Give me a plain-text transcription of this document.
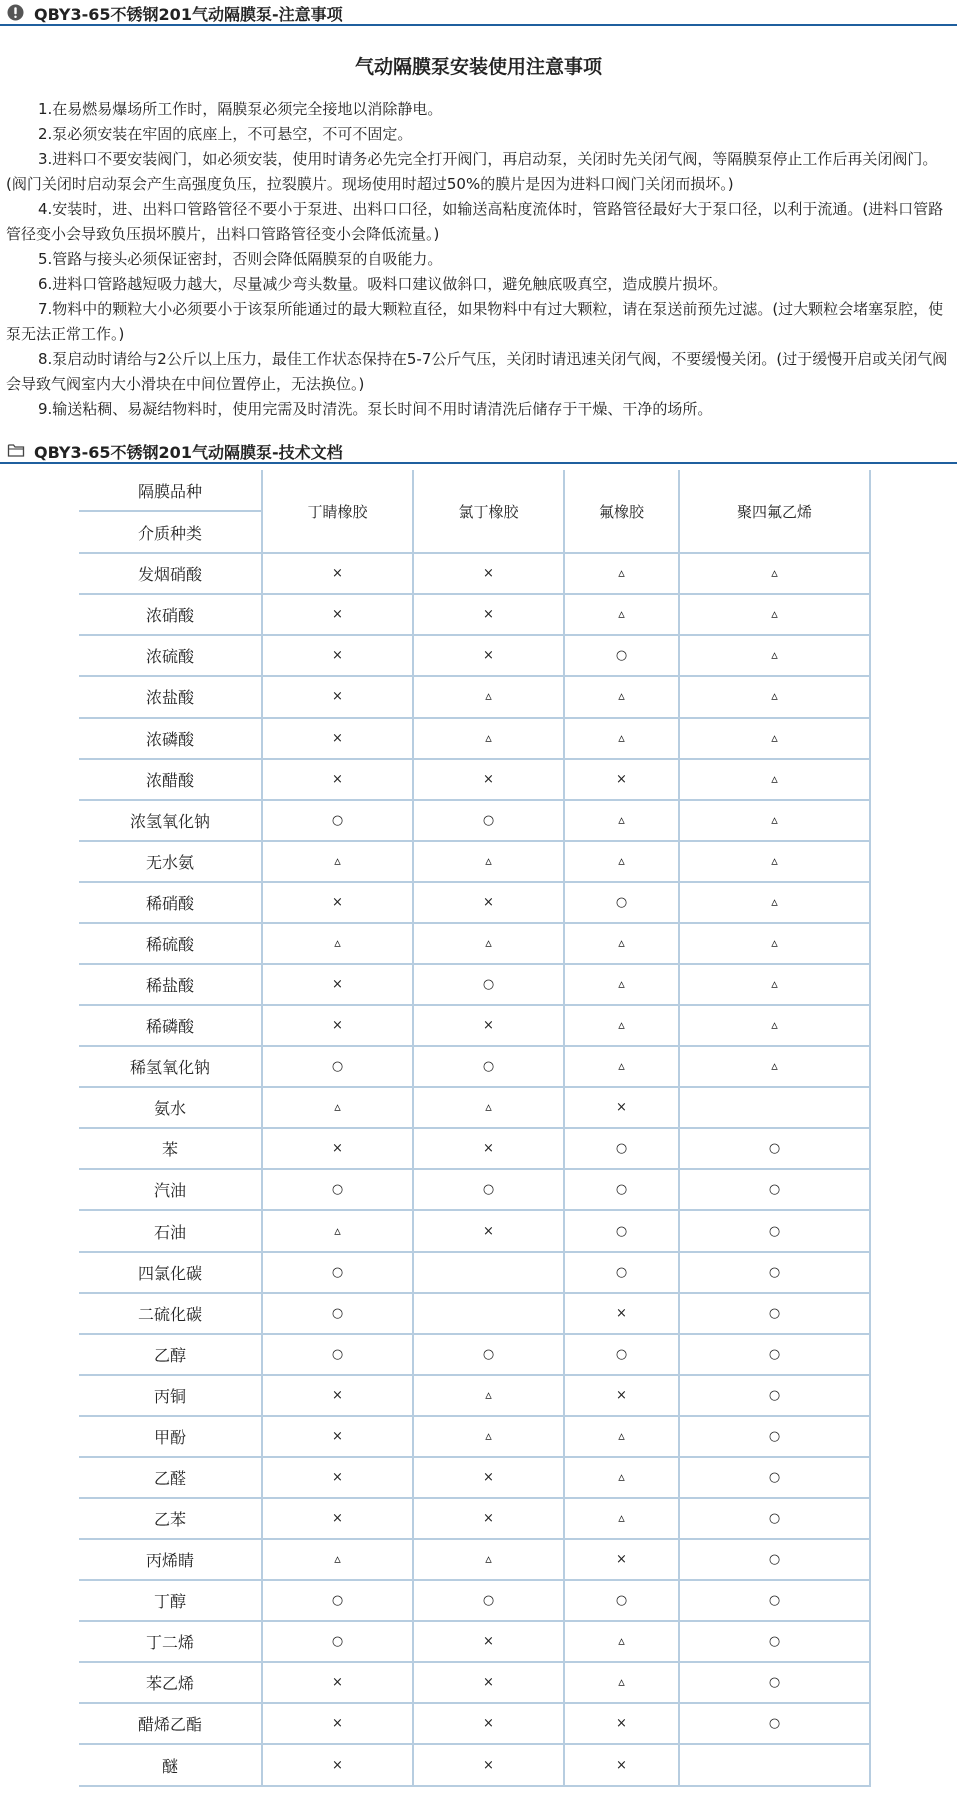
QBY3-65不锈钢201气动隔膜泵-注意事项
气动隔膜泵安装使用注意事项

1.在易燃易爆场所工作时，隔膜泵必须完全接地以消除静电。

2.泵必须安装在牢固的底座上，不可悬空，不可不固定。

3.进料口不要安装阀门，如必须安装，使用时请务必先完全打开阀门，再启动泵，关闭时先关闭气阀，等隔膜泵停止工作后再关闭阀门。(阀门关闭时启动泵会产生高强度负压，拉裂膜片。现场使用时超过50%的膜片是因为进料口阀门关闭而损坏。)

4.安装时，进、出料口管路管径不要小于泵进、出料口口径，如输送高粘度流体时，管路管径最好大于泵口径，以利于流通。(进料口管路管径变小会导致负压损坏膜片，出料口管路管径变小会降低流量。)

5.管路与接头必须保证密封，否则会降低隔膜泵的自吸能力。

6.进料口管路越短吸力越大，尽量减少弯头数量。吸料口建议做斜口，避免触底吸真空，造成膜片损坏。

7.物料中的颗粒大小必须要小于该泵所能通过的最大颗粒直径，如果物料中有过大颗粒，请在泵送前预先过滤。(过大颗粒会堵塞泵腔，使泵无法正常工作。)

8.泵启动时请给与2公斤以上压力，最佳工作状态保持在5-7公斤气压，关闭时请迅速关闭气阀，不要缓慢关闭。(过于缓慢开启或关闭气阀会导致气阀室内大小滑块在中间位置停止，无法换位。)

9.输送粘稠、易凝结物料时，使用完需及时清洗。泵长时间不用时请清洗后储存于干燥、干净的场所。

QBY3-65不锈钢201气动隔膜泵-技术文档
隔膜品种	丁睛橡胶	氯丁橡胶	氟橡胶	聚四氟乙烯
介质种类				
发烟硝酸	×	×	▵	▵
浓硝酸	×	×	▵	▵
浓硫酸	×	×	○	▵
浓盐酸	×	▵	▵	▵
浓磷酸	×	▵	▵	▵
浓醋酸	×	×	×	▵
浓氢氧化钠	○	○	▵	▵
无水氨	▵	▵	▵	▵
稀硝酸	×	×	○	▵
稀硫酸	▵	▵	▵	▵
稀盐酸	×	○	▵	▵
稀磷酸	×	×	▵	▵
稀氢氧化钠	○	○	▵	▵
氨水	▵	▵	×	
苯	×	×	○	○
汽油	○	○	○	○
石油	▵	×	○	○
四氯化碳	○		○	○
二硫化碳	○		×	○
乙醇	○	○	○	○
丙铜	×	▵	×	○
甲酚	×	▵	▵	○
乙醛	×	×	▵	○
乙苯	×	×	▵	○
丙烯睛	▵	▵	×	○
丁醇	○	○	○	○
丁二烯	○	×	▵	○
苯乙烯	×	×	▵	○
醋烯乙酯	×	×	×	○
醚	×	×	×	
